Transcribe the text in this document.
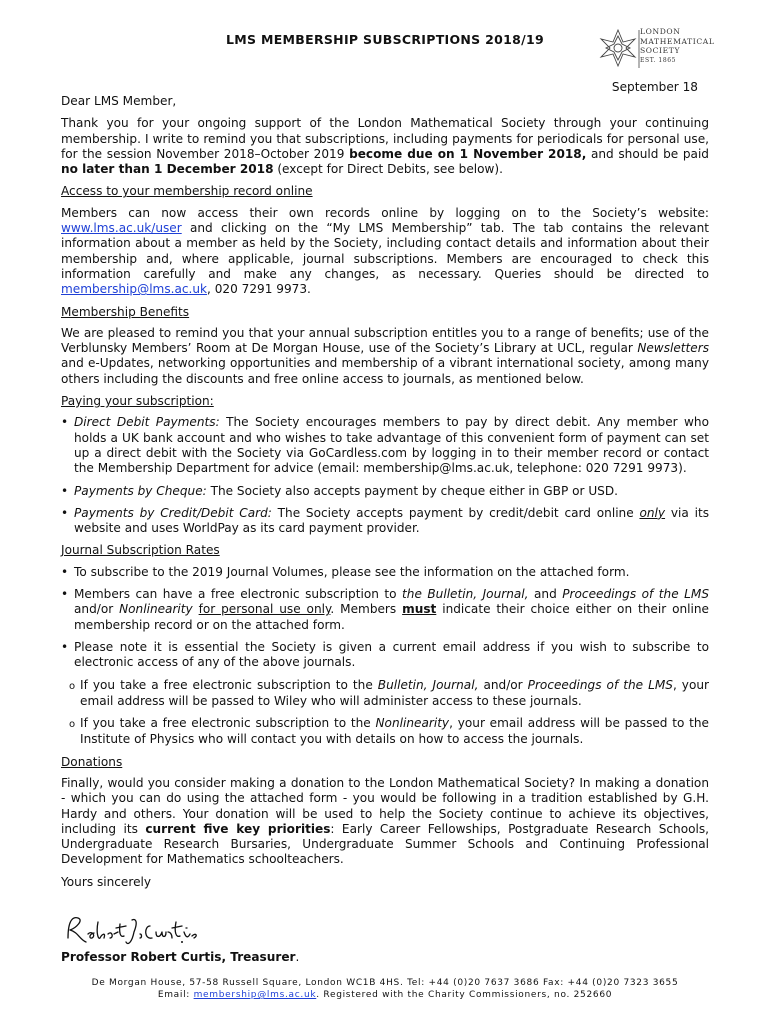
LMS MEMBERSHIP SUBSCRIPTIONS 2018/19
LONDON
MATHEMATICAL
SOCIETY
EST. 1865
September 18

Dear LMS Member,

Thank you for your ongoing support of the London Mathematical Society through your continuing membership. I write to remind you that subscriptions, including payments for periodicals for personal use, for the session November 2018–October 2019 become due on 1 November 2018, and should be paid no later than 1 December 2018 (except for Direct Debits, see below).

Access to your membership record online

Members can now access their own records online by logging on to the Society’s website: www.lms.ac.uk/user and clicking on the “My LMS Membership” tab. The tab contains the relevant information about a member as held by the Society, including contact details and information about their membership and, where applicable, journal subscriptions. Members are encouraged to check this information carefully and make any changes, as necessary. Queries should be directed to membership@lms.ac.uk, 020 7291 9973.

Membership Benefits

We are pleased to remind you that your annual subscription entitles you to a range of benefits; use of the Verblunsky Members’ Room at De Morgan House, use of the Society’s Library at UCL, regular Newsletters and e-Updates, networking opportunities and membership of a vibrant international society, among many others including the discounts and free online access to journals, as mentioned below.

Paying your subscription:
• Direct Debit Payments: The Society encourages members to pay by direct debit. Any member who holds a UK bank account and who wishes to take advantage of this convenient form of payment can set up a direct debit with the Society via GoCardless.com by logging in to their member record or contact the Membership Department for advice (email: membership@lms.ac.uk, telephone: 020 7291 9973).
• Payments by Cheque: The Society also accepts payment by cheque either in GBP or USD.
• Payments by Credit/Debit Card: The Society accepts payment by credit/debit card online only via its website and uses WorldPay as its card payment provider.
Journal Subscription Rates
• To subscribe to the 2019 Journal Volumes, please see the information on the attached form.
• Members can have a free electronic subscription to the Bulletin, Journal, and Proceedings of the LMS and/or Nonlinearity for personal use only. Members must indicate their choice either on their online membership record or on the attached form.
• Please note it is essential the Society is given a current email address if you wish to subscribe to electronic access of any of the above journals.
o If you take a free electronic subscription to the Bulletin, Journal, and/or Proceedings of the LMS, your email address will be passed to Wiley who will administer access to these journals.
o If you take a free electronic subscription to the Nonlinearity, your email address will be passed to the Institute of Physics who will contact you with details on how to access the journals.
Donations

Finally, would you consider making a donation to the London Mathematical Society? In making a donation - which you can do using the attached form - you would be following in a tradition established by G.H. Hardy and others. Your donation will be used to help the Society continue to achieve its objectives, including its current five key priorities: Early Career Fellowships, Postgraduate Research Schools, Undergraduate Research Bursaries, Undergraduate Summer Schools and Continuing Professional Development for Mathematics schoolteachers.

Yours sincerely

Professor Robert Curtis, Treasurer.
De Morgan House, 57-58 Russell Square, London WC1B 4HS. Tel: +44 (0)20 7637 3686 Fax: +44 (0)20 7323 3655
Email: membership@lms.ac.uk. Registered with the Charity Commissioners, no. 252660
